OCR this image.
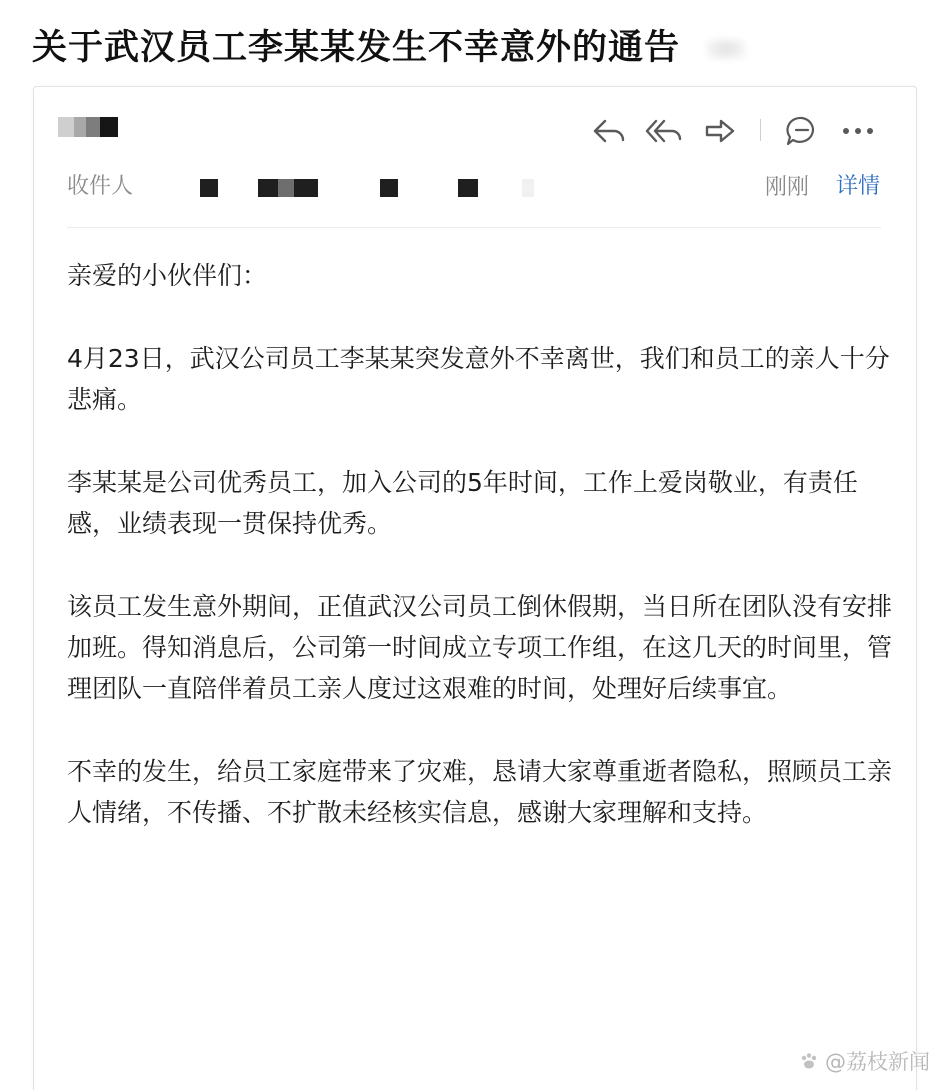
关于武汉员工李某某发生不幸意外的通告
收件人	刚刚 详情

亲爱的小伙伴们：

4月23日，武汉公司员工李某某突发意外不幸离世，我们和员工的亲人十分悲痛。

李某某是公司优秀员工，加入公司的5年时间，工作上爱岗敬业，有责任感，业绩表现一贯保持优秀。

该员工发生意外期间，正值武汉公司员工倒休假期，当日所在团队没有安排加班。得知消息后，公司第一时间成立专项工作组，在这几天的时间里，管理团队一直陪伴着员工亲人度过这艰难的时间，处理好后续事宜。

不幸的发生，给员工家庭带来了灾难，恳请大家尊重逝者隐私，照顾员工亲人情绪，不传播、不扩散未经核实信息，感谢大家理解和支持。

@荔枝新闻
